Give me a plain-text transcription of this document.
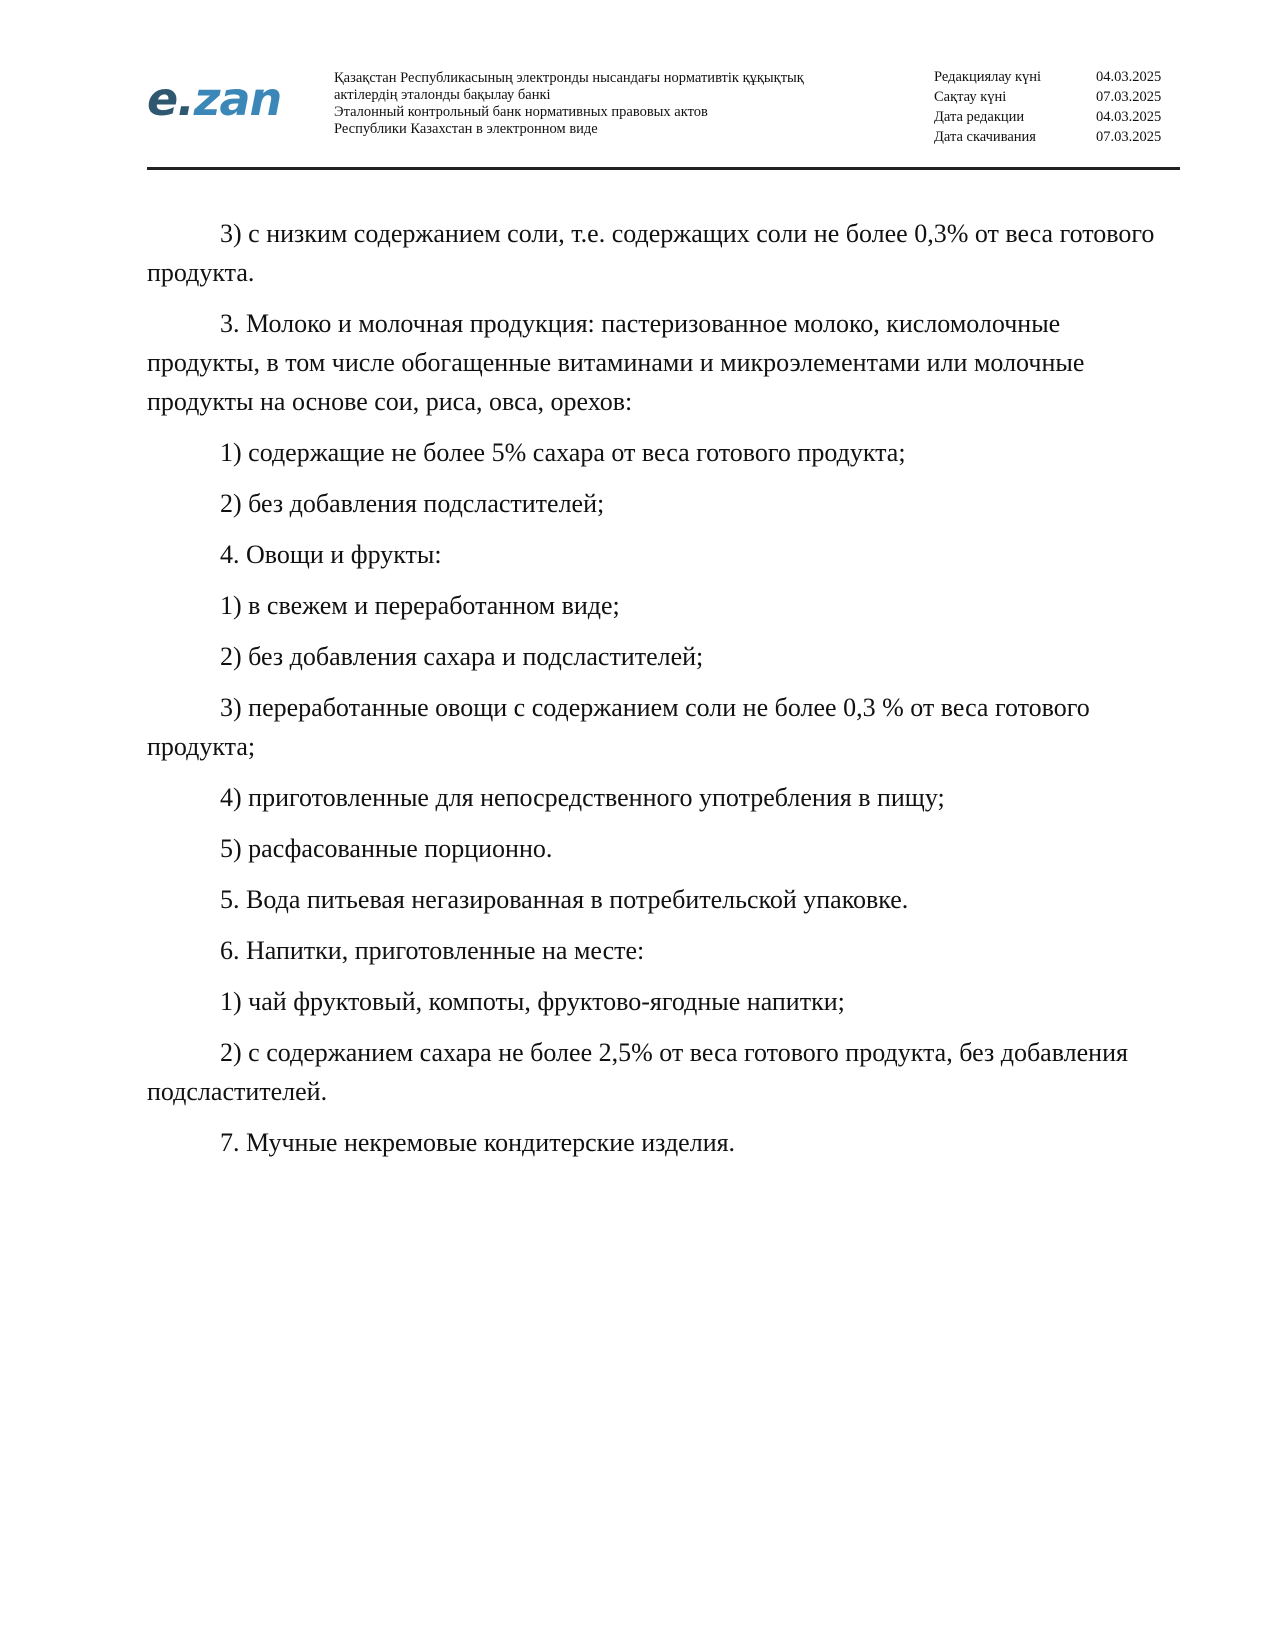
e.zan	Қазақстан Республикасының электронды нысандағы нормативтік құқықтық
актілердің эталонды бақылау банкі
Эталонный контрольный банк нормативных правовых актов
Республики Казахстан в электронном виде
Редакциялау күні	04.03.2025
Сақтау күні	07.03.2025
Дата редакции	04.03.2025
Дата скачивания	07.03.2025

3) с низким содержанием соли, т.е. содержащих соли не более 0,3% от веса готового продукта.

3. Молоко и молочная продукция: пастеризованное молоко, кисломолочные продукты, в том числе обогащенные витаминами и микроэлементами или молочные продукты на основе сои, риса, овса, орехов:

1) содержащие не более 5% сахара от веса готового продукта;

2) без добавления подсластителей;

4. Овощи и фрукты:

1) в свежем и переработанном виде;

2) без добавления сахара и подсластителей;

3) переработанные овощи с содержанием соли не более 0,3 % от веса готового продукта;

4) приготовленные для непосредственного употребления в пищу;

5) расфасованные порционно.

5. Вода питьевая негазированная в потребительской упаковке.

6. Напитки, приготовленные на месте:

1) чай фруктовый, компоты, фруктово-ягодные напитки;

2) с содержанием сахара не более 2,5% от веса готового продукта, без добавления подсластителей.

7. Мучные некремовые кондитерские изделия.
